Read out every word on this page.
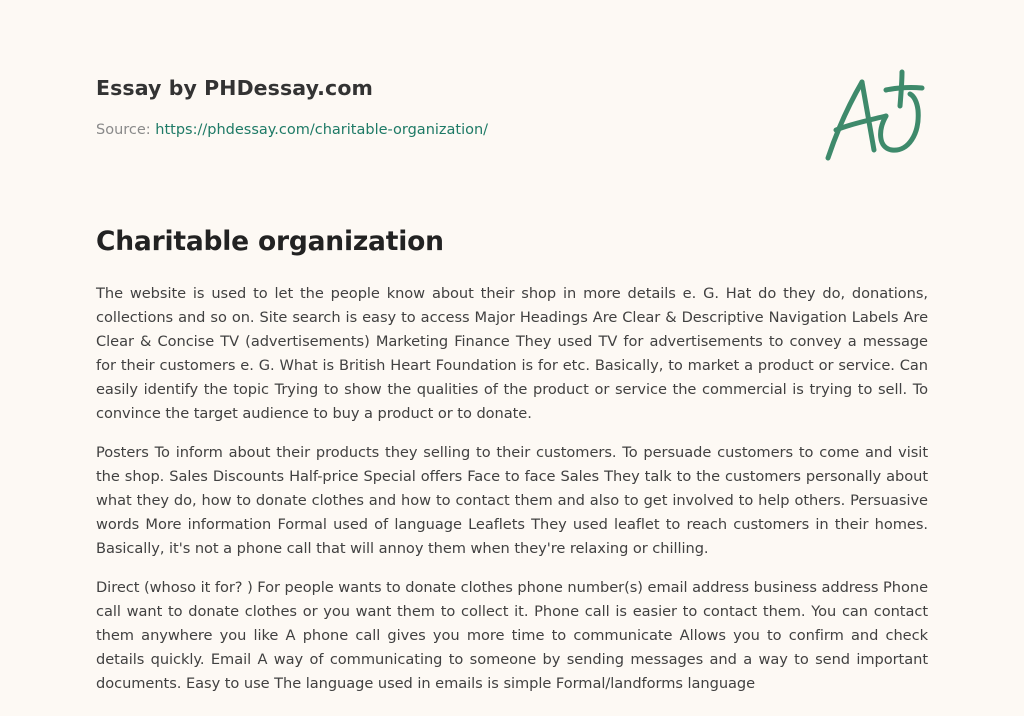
Essay by PHDessay.com
Source: https://phdessay.com/charitable-organization/
Charitable organization

The website is used to let the people know about their shop in more details e. G. Hat do they do, donations, collections and so on. Site search is easy to access Major Headings Are Clear & Descriptive Navigation Labels Are Clear & Concise TV (advertisements) Marketing Finance They used TV for advertisements to convey a message for their customers e. G. What is British Heart Foundation is for etc. Basically, to market a product or service. Can easily identify the topic Trying to show the qualities of the product or service the commercial is trying to sell. To convince the target audience to buy a product or to donate.

Posters To inform about their products they selling to their customers. To persuade customers to come and visit the shop. Sales Discounts Half-price Special offers Face to face Sales They talk to the customers personally about what they do, how to donate clothes and how to contact them and also to get involved to help others. Persuasive words More information Formal used of language Leaflets They used leaflet to reach customers in their homes. Basically, it's not a phone call that will annoy them when they're relaxing or chilling.

Direct (whoso it for? ) For people wants to donate clothes phone number(s) email address business address Phone call want to donate clothes or you want them to collect it. Phone call is easier to contact them. You can contact them anywhere you like A phone call gives you more time to communicate Allows you to confirm and check details quickly. Email A way of communicating to someone by sending messages and a way to send important documents. Easy to use The language used in emails is simple Formal/landforms language
